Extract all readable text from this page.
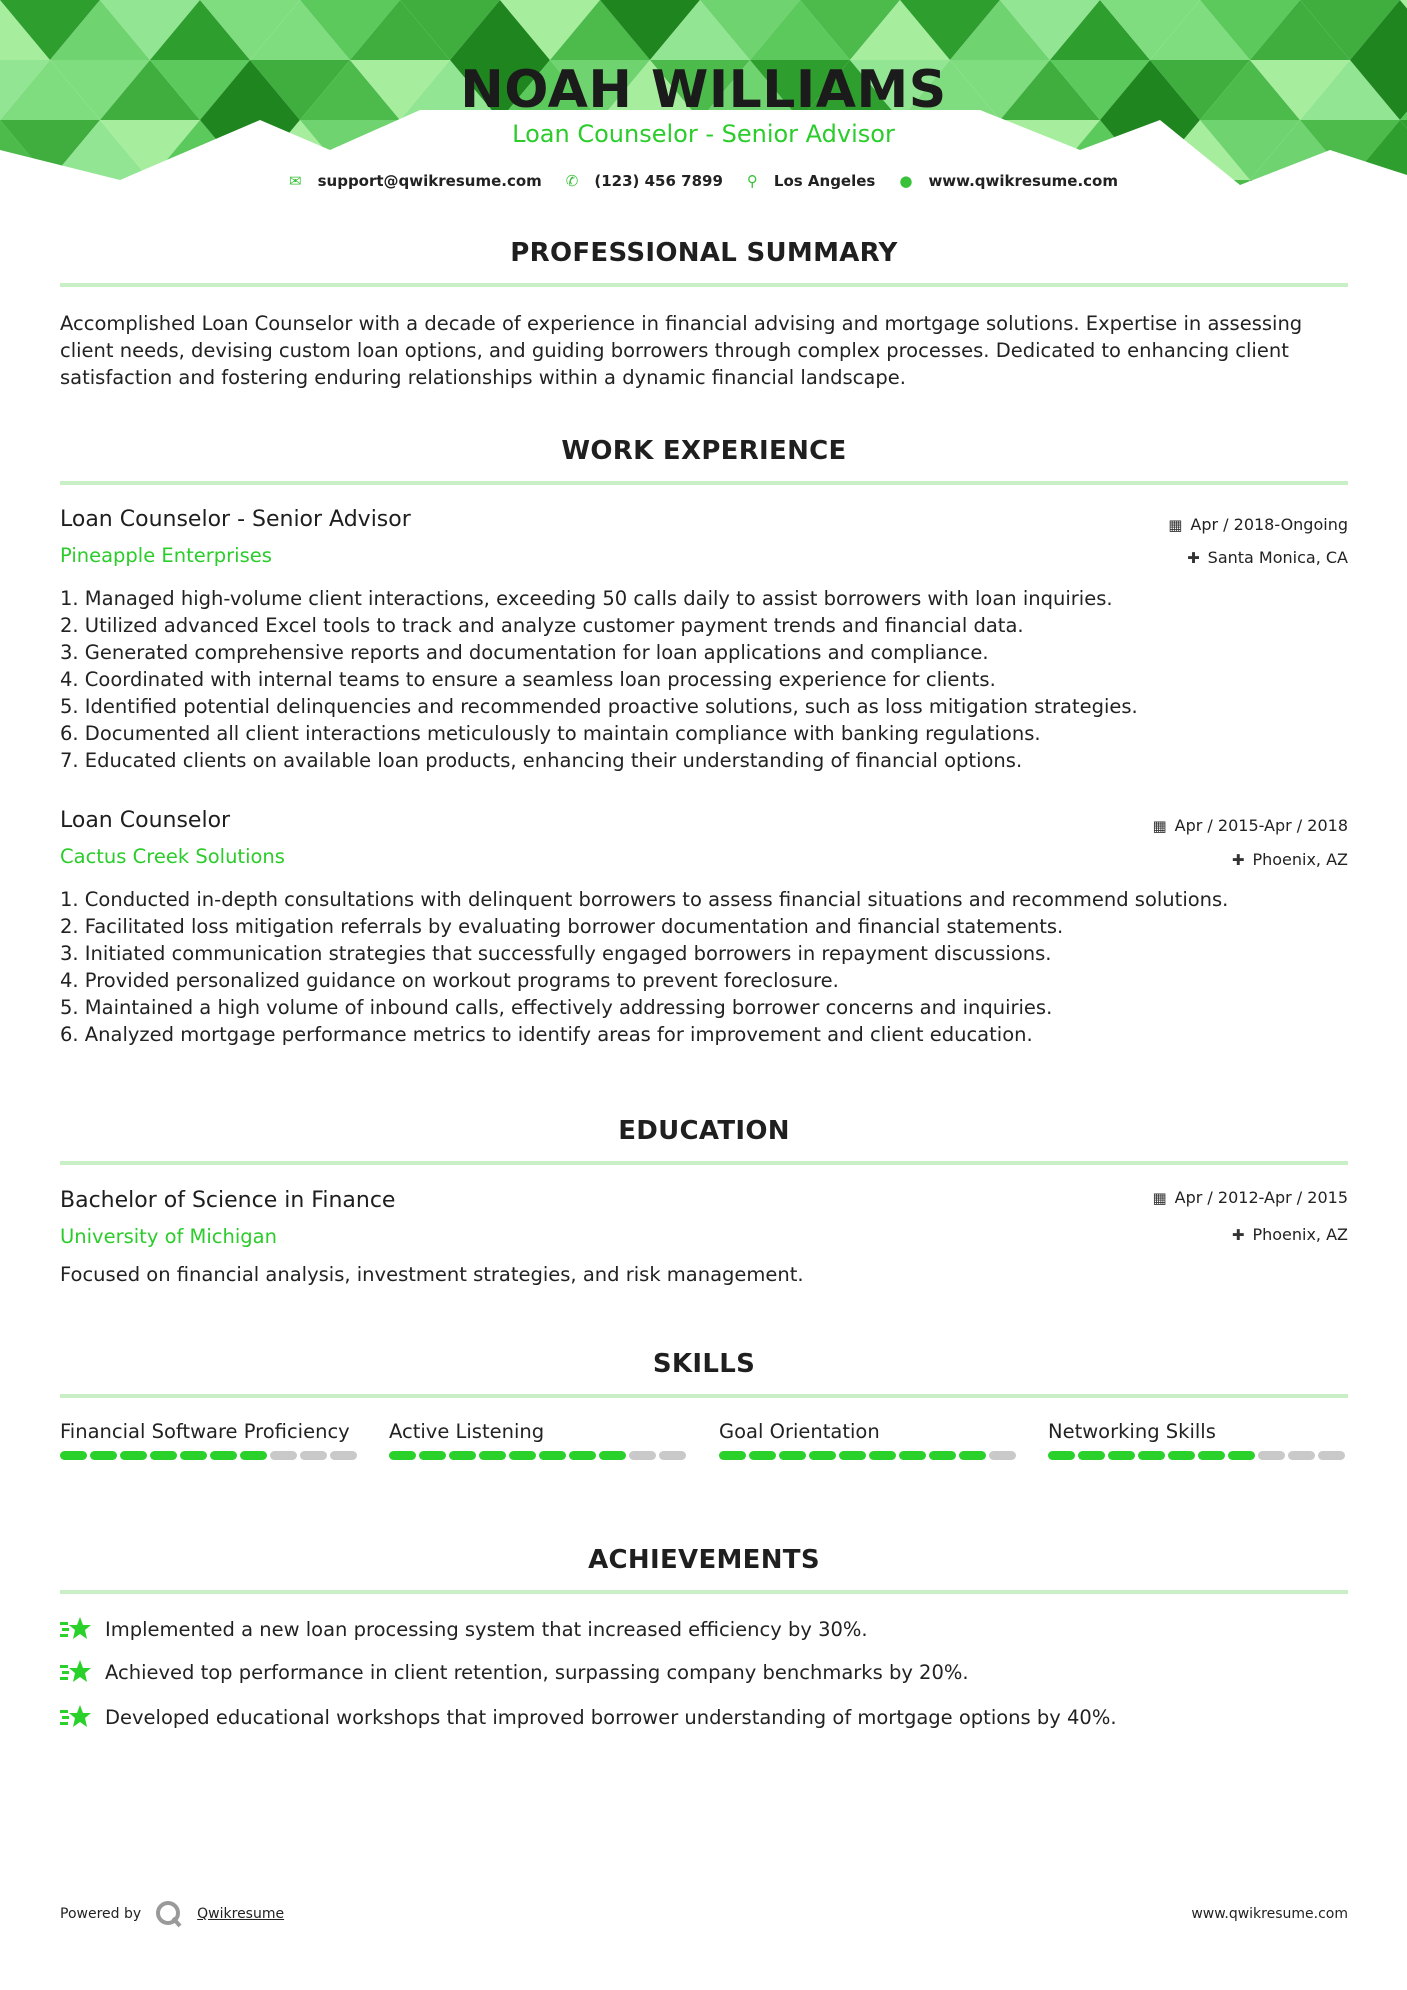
NOAH WILLIAMS
Loan Counselor - Senior Advisor
✉ support@qwikresume.com ✆ (123) 456 7899 ⚲ Los Angeles ● www.qwikresume.com
PROFESSIONAL SUMMARY
Accomplished Loan Counselor with a decade of experience in financial advising and mortgage solutions. Expertise in assessing client needs, devising custom loan options, and guiding borrowers through complex processes. Dedicated to enhancing client satisfaction and fostering enduring relationships within a dynamic financial landscape.
WORK EXPERIENCE
Loan Counselor - Senior Advisor
Pineapple Enterprises
▦ Apr / 2018-Ongoing
✚ Santa Monica, CA
1. Managed high-volume client interactions, exceeding 50 calls daily to assist borrowers with loan inquiries.
2. Utilized advanced Excel tools to track and analyze customer payment trends and financial data.
3. Generated comprehensive reports and documentation for loan applications and compliance.
4. Coordinated with internal teams to ensure a seamless loan processing experience for clients.
5. Identified potential delinquencies and recommended proactive solutions, such as loss mitigation strategies.
6. Documented all client interactions meticulously to maintain compliance with banking regulations.
7. Educated clients on available loan products, enhancing their understanding of financial options.
Loan Counselor
Cactus Creek Solutions
▦ Apr / 2015-Apr / 2018
✚ Phoenix, AZ
1. Conducted in-depth consultations with delinquent borrowers to assess financial situations and recommend solutions.
2. Facilitated loss mitigation referrals by evaluating borrower documentation and financial statements.
3. Initiated communication strategies that successfully engaged borrowers in repayment discussions.
4. Provided personalized guidance on workout programs to prevent foreclosure.
5. Maintained a high volume of inbound calls, effectively addressing borrower concerns and inquiries.
6. Analyzed mortgage performance metrics to identify areas for improvement and client education.
EDUCATION
Bachelor of Science in Finance
University of Michigan
▦ Apr / 2012-Apr / 2015
✚ Phoenix, AZ
Focused on financial analysis, investment strategies, and risk management.
SKILLS
Financial Software Proficiency	Active Listening	Goal Orientation	Networking Skills
ACHIEVEMENTS
Implemented a new loan processing system that increased efficiency by 30%.
Achieved top performance in client retention, surpassing company benchmarks by 20%.
Developed educational workshops that improved borrower understanding of mortgage options by 40%.
Powered by	Qwikresume	www.qwikresume.com
